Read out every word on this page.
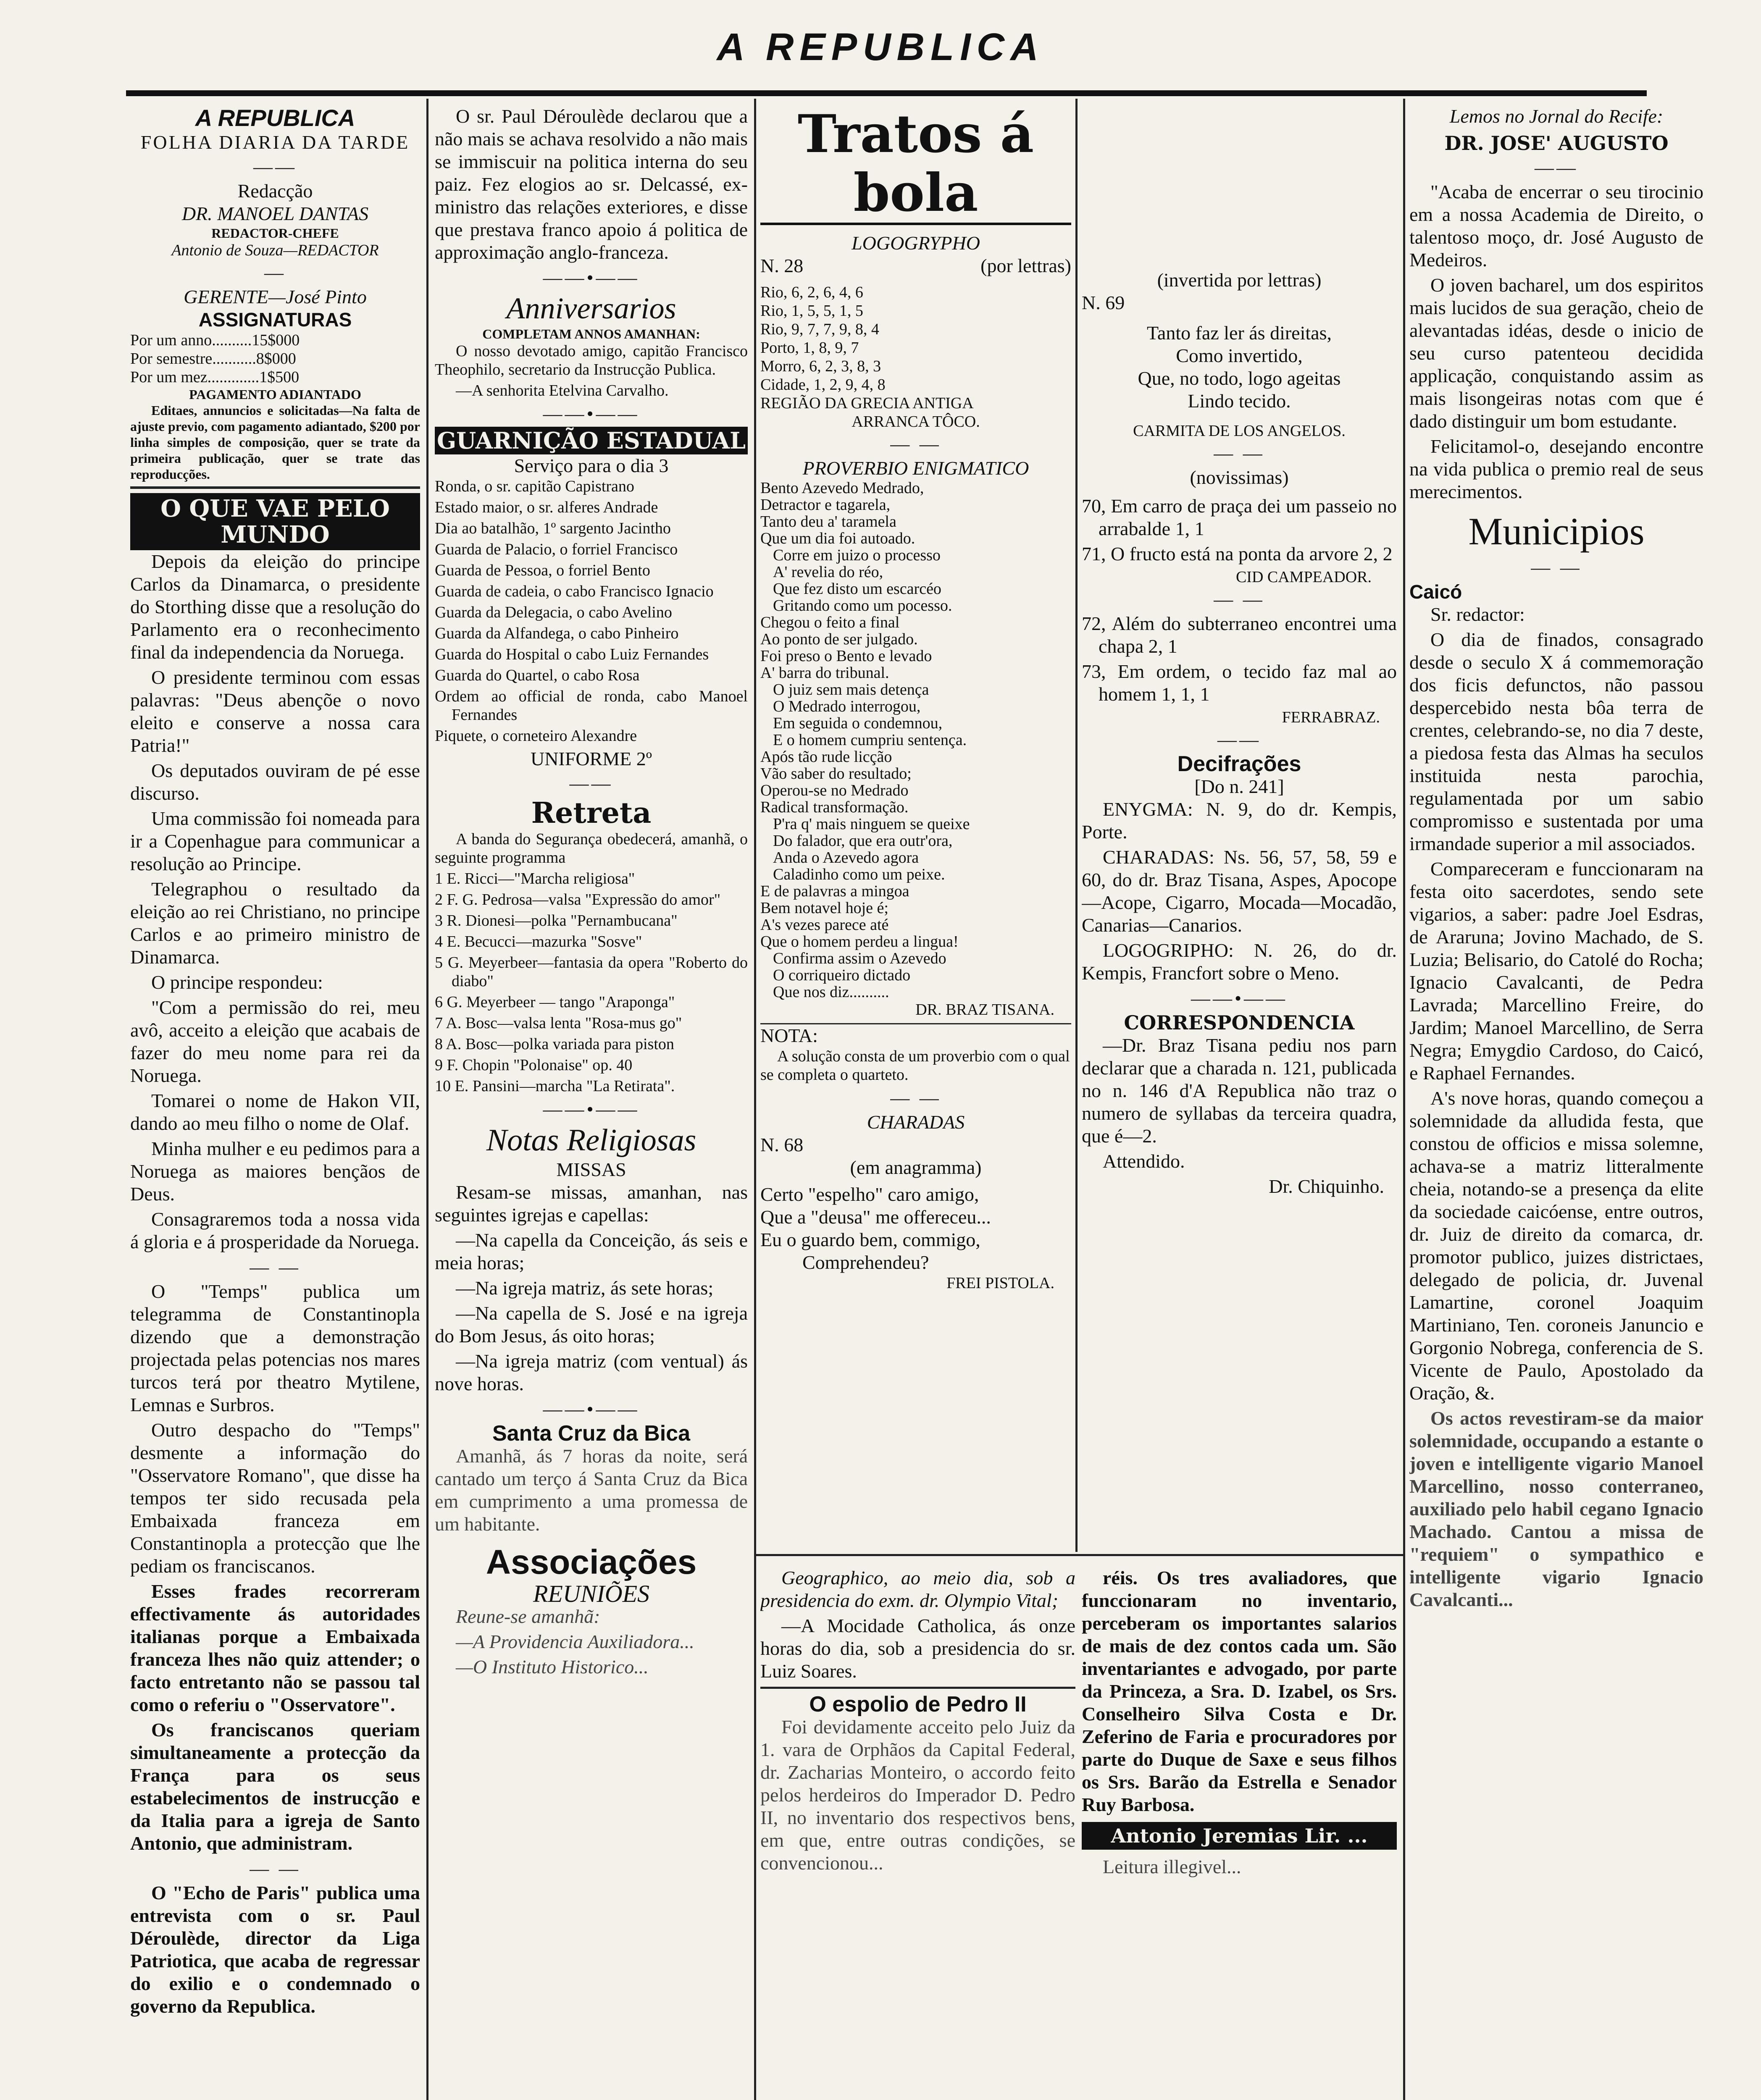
A REPUBLICA
A REPUBLICA
FOLHA DIARIA DA TARDE
——
Redacção
DR. MANOEL DANTAS
REDACTOR-CHEFE
Antonio de Souza—REDACTOR
—
GERENTE—José Pinto
ASSIGNATURAS
Por um anno..........15$000
Por semestre...........8$000
Por um mez.............1$500
PAGAMENTO ADIANTADO

Editaes, annuncios e solicitadas—Na falta de ajuste previo, com pagamento adiantado, $200 por linha simples de composição, quer se trate da primeira publicação, quer se trate das reproducções.

O QUE VAE PELO MUNDO

Depois da eleição do principe Carlos da Dinamarca, o presidente do Storthing disse que a resolução do Parlamento era o reconhecimento final da independencia da Noruega.

O presidente terminou com essas palavras: "Deus abençõe o novo eleito e conserve a nossa cara Patria!"

Os deputados ouviram de pé esse discurso.

Uma commissão foi nomeada para ir a Copenhague para communicar a resolução ao Principe.

Telegraphou o resultado da eleição ao rei Christiano, no principe Carlos e ao primeiro ministro de Dinamarca.

O principe respondeu:

"Com a permissão do rei, meu avô, acceito a eleição que acabais de fazer do meu nome para rei da Noruega.

Tomarei o nome de Hakon VII, dando ao meu filho o nome de Olaf.

Minha mulher e eu pedimos para a Noruega as maiores bençãos de Deus.

Consagraremos toda a nossa vida á gloria e á prosperidade da Noruega.

— —

O "Temps" publica um telegramma de Constantinopla dizendo que a demonstração projectada pelas potencias nos mares turcos terá por theatro Mytilene, Lemnas e Surbros.

Outro despacho do "Temps" desmente a informação do "Osservatore Romano", que disse ha tempos ter sido recusada pela Embaixada franceza em Constantinopla a protecção que lhe pediam os franciscanos.

Esses frades recorreram effectivamente ás autoridades italianas porque a Embaixada franceza lhes não quiz attender; o facto entretanto não se passou tal como o referiu o "Osservatore".

Os franciscanos queriam simultaneamente a protecção da França para os seus estabelecimentos de instrucção e da Italia para a igreja de Santo Antonio, que administram.

— —

O "Echo de Paris" publica uma entrevista com o sr. Paul Déroulède, director da Liga Patriotica, que acaba de regressar do exilio e o condemnado o governo da Republica.

O sr. Paul Déroulède declarou que a não mais se achava resolvido a não mais se immiscuir na politica interna do seu paiz. Fez elogios ao sr. Delcassé, ex-ministro das relações exteriores, e disse que prestava franco apoio á politica de approximação anglo-franceza.

——•——
Anniversarios
COMPLETAM ANNOS AMANHAN:

O nosso devotado amigo, capitão Francisco Theophilo, secretario da Instrucção Publica.

—A senhorita Etelvina Carvalho.

——•——
GUARNIÇÃO ESTADUAL
Serviço para o dia 3

Ronda, o sr. capitão Capistrano

Estado maior, o sr. alferes Andrade

Dia ao batalhão, 1º sargento Jacintho

Guarda de Palacio, o forriel Francisco

Guarda de Pessoa, o forriel Bento

Guarda de cadeia, o cabo Francisco Ignacio

Guarda da Delegacia, o cabo Avelino

Guarda da Alfandega, o cabo Pinheiro

Guarda do Hospital o cabo Luiz Fernandes

Guarda do Quartel, o cabo Rosa

Ordem ao official de ronda, cabo Manoel Fernandes

Piquete, o corneteiro Alexandre

UNIFORME 2º
——
Retreta

A banda do Segurança obedecerá, amanhã, o seguinte programma

1 E. Ricci—"Marcha religiosa"

2 F. G. Pedrosa—valsa "Expressão do amor"

3 R. Dionesi—polka "Pernambucana"

4 E. Becucci—mazurka "Sosve"

5 G. Meyerbeer—fantasia da opera "Roberto do diabo"

6 G. Meyerbeer — tango "Araponga"

7 A. Bosc—valsa lenta "Rosa-mus go"

8 A. Bosc—polka variada para piston

9 F. Chopin "Polonaise" op. 40

10 E. Pansini—marcha "La Retirata".

——•——
Notas Religiosas
MISSAS

Resam-se missas, amanhan, nas seguintes igrejas e capellas:

—Na capella da Conceição, ás seis e meia horas;

—Na igreja matriz, ás sete horas;

—Na capella de S. José e na igreja do Bom Jesus, ás oito horas;

—Na igreja matriz (com ventual) ás nove horas.

——•——
Santa Cruz da Bica

Amanhã, ás 7 horas da noite, será cantado um terço á Santa Cruz da Bica em cumprimento a uma promessa de um habitante.

Associações
REUNIÕES

Reune-se amanhã:

—A Providencia Auxiliadora...

—O Instituto Historico...

Tratos á bola
LOGOGRYPHO
N. 28	(por lettras)
Rio, 6, 2, 6, 4, 6
Rio, 1, 5, 5, 1, 5
Rio, 9, 7, 7, 9, 8, 4
Porto, 1, 8, 9, 7
Morro, 6, 2, 3, 8, 3
Cidade, 1, 2, 9, 4, 8
REGIÃO DA GRECIA ANTIGA
ARRANCA TÔCO.
— —
PROVERBIO ENIGMATICO
Bento Azevedo Medrado,
Detractor e tagarela,
Tanto deu a' taramela
Que um dia foi autoado.
Corre em juizo o processo
A' revelia do réo,
Que fez disto um escarcéo
Gritando como um pocesso.
Chegou o feito a final
Ao ponto de ser julgado.
Foi preso o Bento e levado
A' barra do tribunal.
O juiz sem mais detença
O Medrado interrogou,
Em seguida o condemnou,
E o homem cumpriu sentença.
Após tão rude licção
Vão saber do resultado;
Operou-se no Medrado
Radical transformação.
P'ra q' mais ninguem se queixe
Do falador, que era outr'ora,
Anda o Azevedo agora
Caladinho como um peixe.
E de palavras a mingoa
Bem notavel hoje é;
A's vezes parece até
Que o homem perdeu a lingua!
Confirma assim o Azevedo
O corriqueiro dictado
Que nos diz..........
DR. BRAZ TISANA.
NOTA:

A solução consta de um proverbio com o qual se completa o quarteto.

— —
CHARADAS
N. 68
(em anagramma)
Certo "espelho" caro amigo,
Que a "deusa" me offereceu...
Eu o guardo bem, commigo,
Comprehendeu?
FREI PISTOLA.
(invertida por lettras)
N. 69
Tanto faz ler ás direitas,
Como invertido,
Que, no todo, logo ageitas
Lindo tecido.
CARMITA DE LOS ANGELOS.
— —
(novissimas)

70, Em carro de praça dei um passeio no arrabalde 1, 1

71, O fructo está na ponta da arvore 2, 2

CID CAMPEADOR.
— —

72, Além do subterraneo encontrei uma chapa 2, 1

73, Em ordem, o tecido faz mal ao homem 1, 1, 1

FERRABRAZ.
——
Decifrações
[Do n. 241]

ENYGMA: N. 9, do dr. Kempis, Porte.

CHARADAS: Ns. 56, 57, 58, 59 e 60, do dr. Braz Tisana, Aspes, Apocope—Acope, Cigarro, Mocada—Mocadão, Canarias—Canarios.

LOGOGRIPHO: N. 26, do dr. Kempis, Francfort sobre o Meno.

——•——
CORRESPONDENCIA

—Dr. Braz Tisana pediu nos parn declarar que a charada n. 121, publicada no n. 146 d'A Republica não traz o numero de syllabas da terceira quadra, que é—2.

Attendido.

Dr. Chiquinho.
Lemos no Jornal do Recife:
DR. JOSE' AUGUSTO
——

"Acaba de encerrar o seu tirocinio em a nossa Academia de Direito, o talentoso moço, dr. José Augusto de Medeiros.

O joven bacharel, um dos espiritos mais lucidos de sua geração, cheio de alevantadas idéas, desde o inicio de seu curso patenteou decidida applicação, conquistando assim as mais lisongeiras notas com que é dado distinguir um bom estudante.

Felicitamol-o, desejando encontre na vida publica o premio real de seus merecimentos.

Municipios
— —
Caicó

Sr. redactor:

O dia de finados, consagrado desde o seculo X á commemoração dos ficis defunctos, não passou despercebido nesta bôa terra de crentes, celebrando-se, no dia 7 deste, a piedosa festa das Almas ha seculos instituida nesta parochia, regulamentada por um sabio compromisso e sustentada por uma irmandade superior a mil associados.

Compareceram e funccionaram na festa oito sacerdotes, sendo sete vigarios, a saber: padre Joel Esdras, de Araruna; Jovino Machado, de S. Luzia; Belisario, do Catolé do Rocha; Ignacio Cavalcanti, de Pedra Lavrada; Marcellino Freire, do Jardim; Manoel Marcellino, de Serra Negra; Emygdio Cardoso, do Caicó, e Raphael Fernandes.

A's nove horas, quando começou a solemnidade da alludida festa, que constou de officios e missa solemne, achava-se a matriz litteralmente cheia, notando-se a presença da elite da sociedade caicóense, entre outros, dr. Juiz de direito da comarca, dr. promotor publico, juizes districtaes, delegado de policia, dr. Juvenal Lamartine, coronel Joaquim Martiniano, Ten. coroneis Januncio e Gorgonio Nobrega, conferencia de S. Vicente de Paulo, Apostolado da Oração, &.

Os actos revestiram-se da maior solemnidade, occupando a estante o joven e intelligente vigario Manoel Marcellino, nosso conterraneo, auxiliado pelo habil cegano Ignacio Machado. Cantou a missa de "requiem" o sympathico e intelligente vigario Ignacio Cavalcanti...

Geographico, ao meio dia, sob a presidencia do exm. dr. Olympio Vital;

—A Mocidade Catholica, ás onze horas do dia, sob a presidencia do sr. Luiz Soares.

O espolio de Pedro II

Foi devidamente acceito pelo Juiz da 1. vara de Orphãos da Capital Federal, dr. Zacharias Monteiro, o accordo feito pelos herdeiros do Imperador D. Pedro II, no inventario dos respectivos bens, em que, entre outras condições, se convencionou...

réis. Os tres avaliadores, que funccionaram no inventario, perceberam os importantes salarios de mais de dez contos cada um. São inventariantes e advogado, por parte da Princeza, a Sra. D. Izabel, os Srs. Conselheiro Silva Costa e Dr. Zeferino de Faria e procuradores por parte do Duque de Saxe e seus filhos os Srs. Barão da Estrella e Senador Ruy Barbosa.

Antonio Jeremias Lir. ...

Leitura illegivel...
